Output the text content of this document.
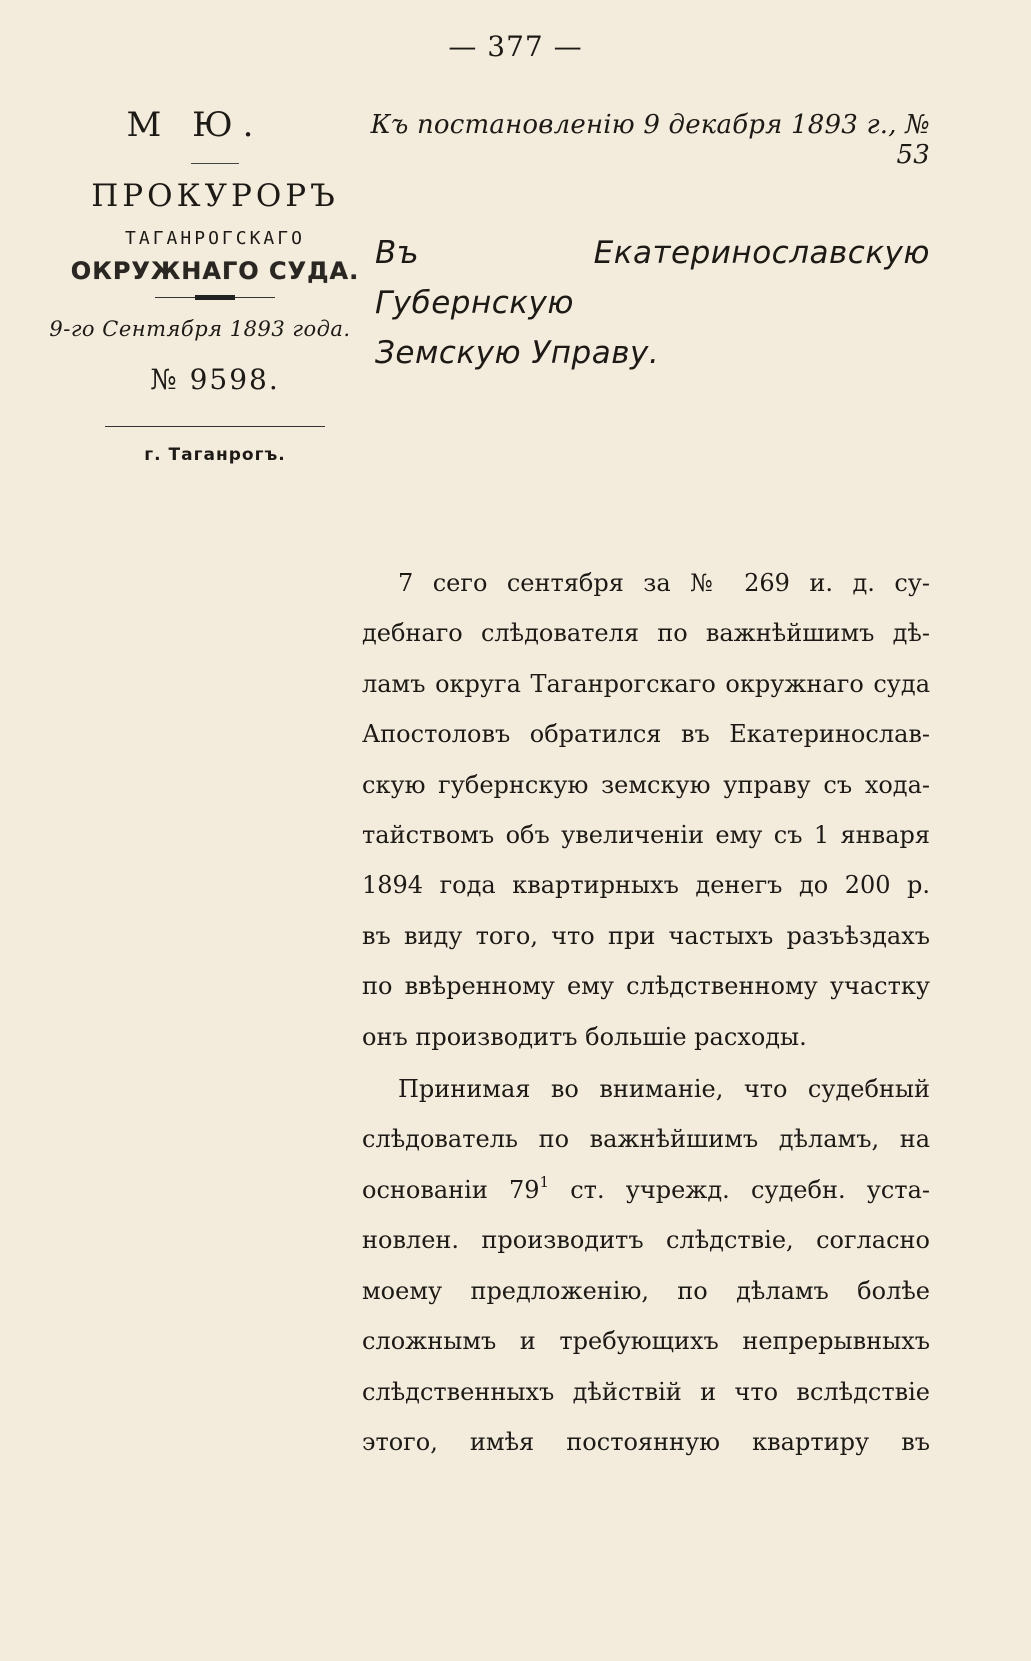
— 377 —
М Ю.
ПРОКУРОРЪ
ТАГАНРОГСКАГО
ОКРУЖНАГО СУДА.
9-го Сентября 1893 года.
№ 9598.
г. Таганрогъ.
Къ постановленію 9 декабря 1893 г., № 53
Въ Екатеринославскую Губернскую
Земскую Управу.
7 сего сентября за № 269 и. д. су-
дебнаго слѣдователя по важнѣйшимъ дѣ-
ламъ округа Таганрогскаго окружнаго суда
Апостоловъ обратился въ Екатеринослав-
скую губернскую земскую управу съ хода-
тайствомъ объ увеличеніи ему съ 1 января
1894 года квартирныхъ денегъ до 200 р.
въ виду того, что при частыхъ разъѣздахъ
по ввѣренному ему слѣдственному участку
онъ производитъ большіе расходы.
Принимая во вниманіе, что судебный
слѣдователь по важнѣйшимъ дѣламъ, на
основаніи $79^1$ ст. учрежд. судебн. уста-
новлен. производитъ слѣдствіе, согласно
моему предложенію, по дѣламъ болѣе
сложнымъ и требующихъ непрерывныхъ
слѣдственныхъ дѣйствій и что вслѣдствіе
этого, имѣя постоянную квартиру въ
